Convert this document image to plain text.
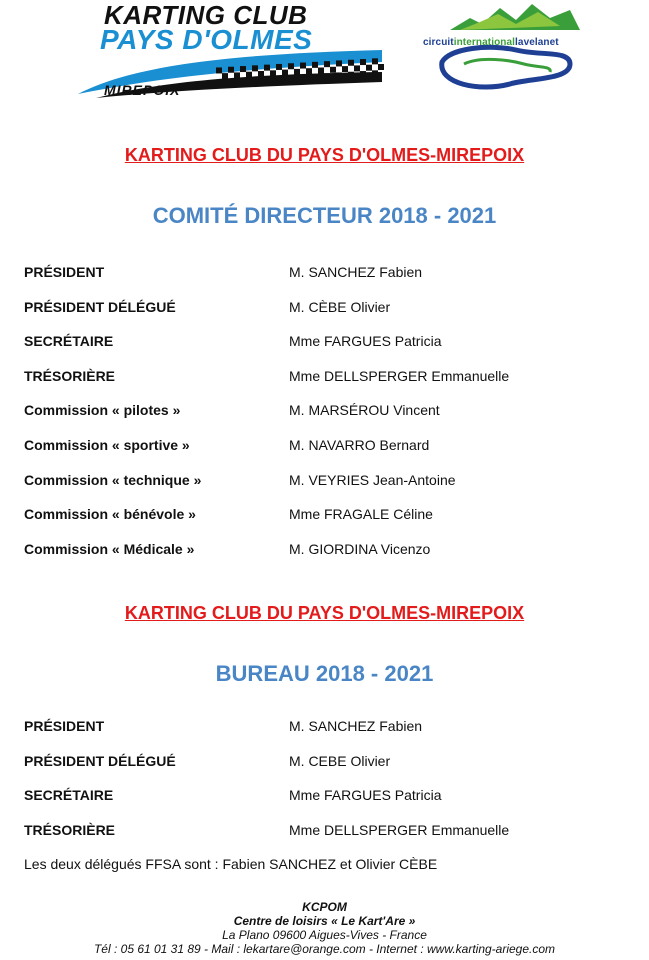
KARTING CLUB
PAYS D'OLMES
MIREPOIX
circuitinternationallavelanet
KARTING CLUB DU PAYS D'OLMES-MIREPOIX
COMITÉ DIRECTEUR 2018 - 2021
PRÉSIDENT	M. SANCHEZ Fabien
PRÉSIDENT DÉLÉGUÉ	M. CÈBE Olivier
SECRÉTAIRE	Mme FARGUES Patricia
TRÉSORIÈRE	Mme DELLSPERGER Emmanuelle
Commission « pilotes »	M. MARSÉROU Vincent
Commission « sportive »	M. NAVARRO Bernard
Commission « technique »	M. VEYRIES Jean-Antoine
Commission « bénévole »	Mme FRAGALE Céline
Commission « Médicale »	M. GIORDINA Vicenzo
KARTING CLUB DU PAYS D'OLMES-MIREPOIX
BUREAU 2018 - 2021
PRÉSIDENT	M. SANCHEZ Fabien
PRÉSIDENT DÉLÉGUÉ	M. CEBE Olivier
SECRÉTAIRE	Mme FARGUES Patricia
TRÉSORIÈRE	Mme DELLSPERGER Emmanuelle
Les deux délégués FFSA sont : Fabien SANCHEZ et Olivier CÈBE
KCPOM
Centre de loisirs « Le Kart'Are »
La Plano 09600 Aigues-Vives - France
Tél : 05 61 01 31 89 - Mail : lekartare@orange.com - Internet : www.karting-ariege.com
